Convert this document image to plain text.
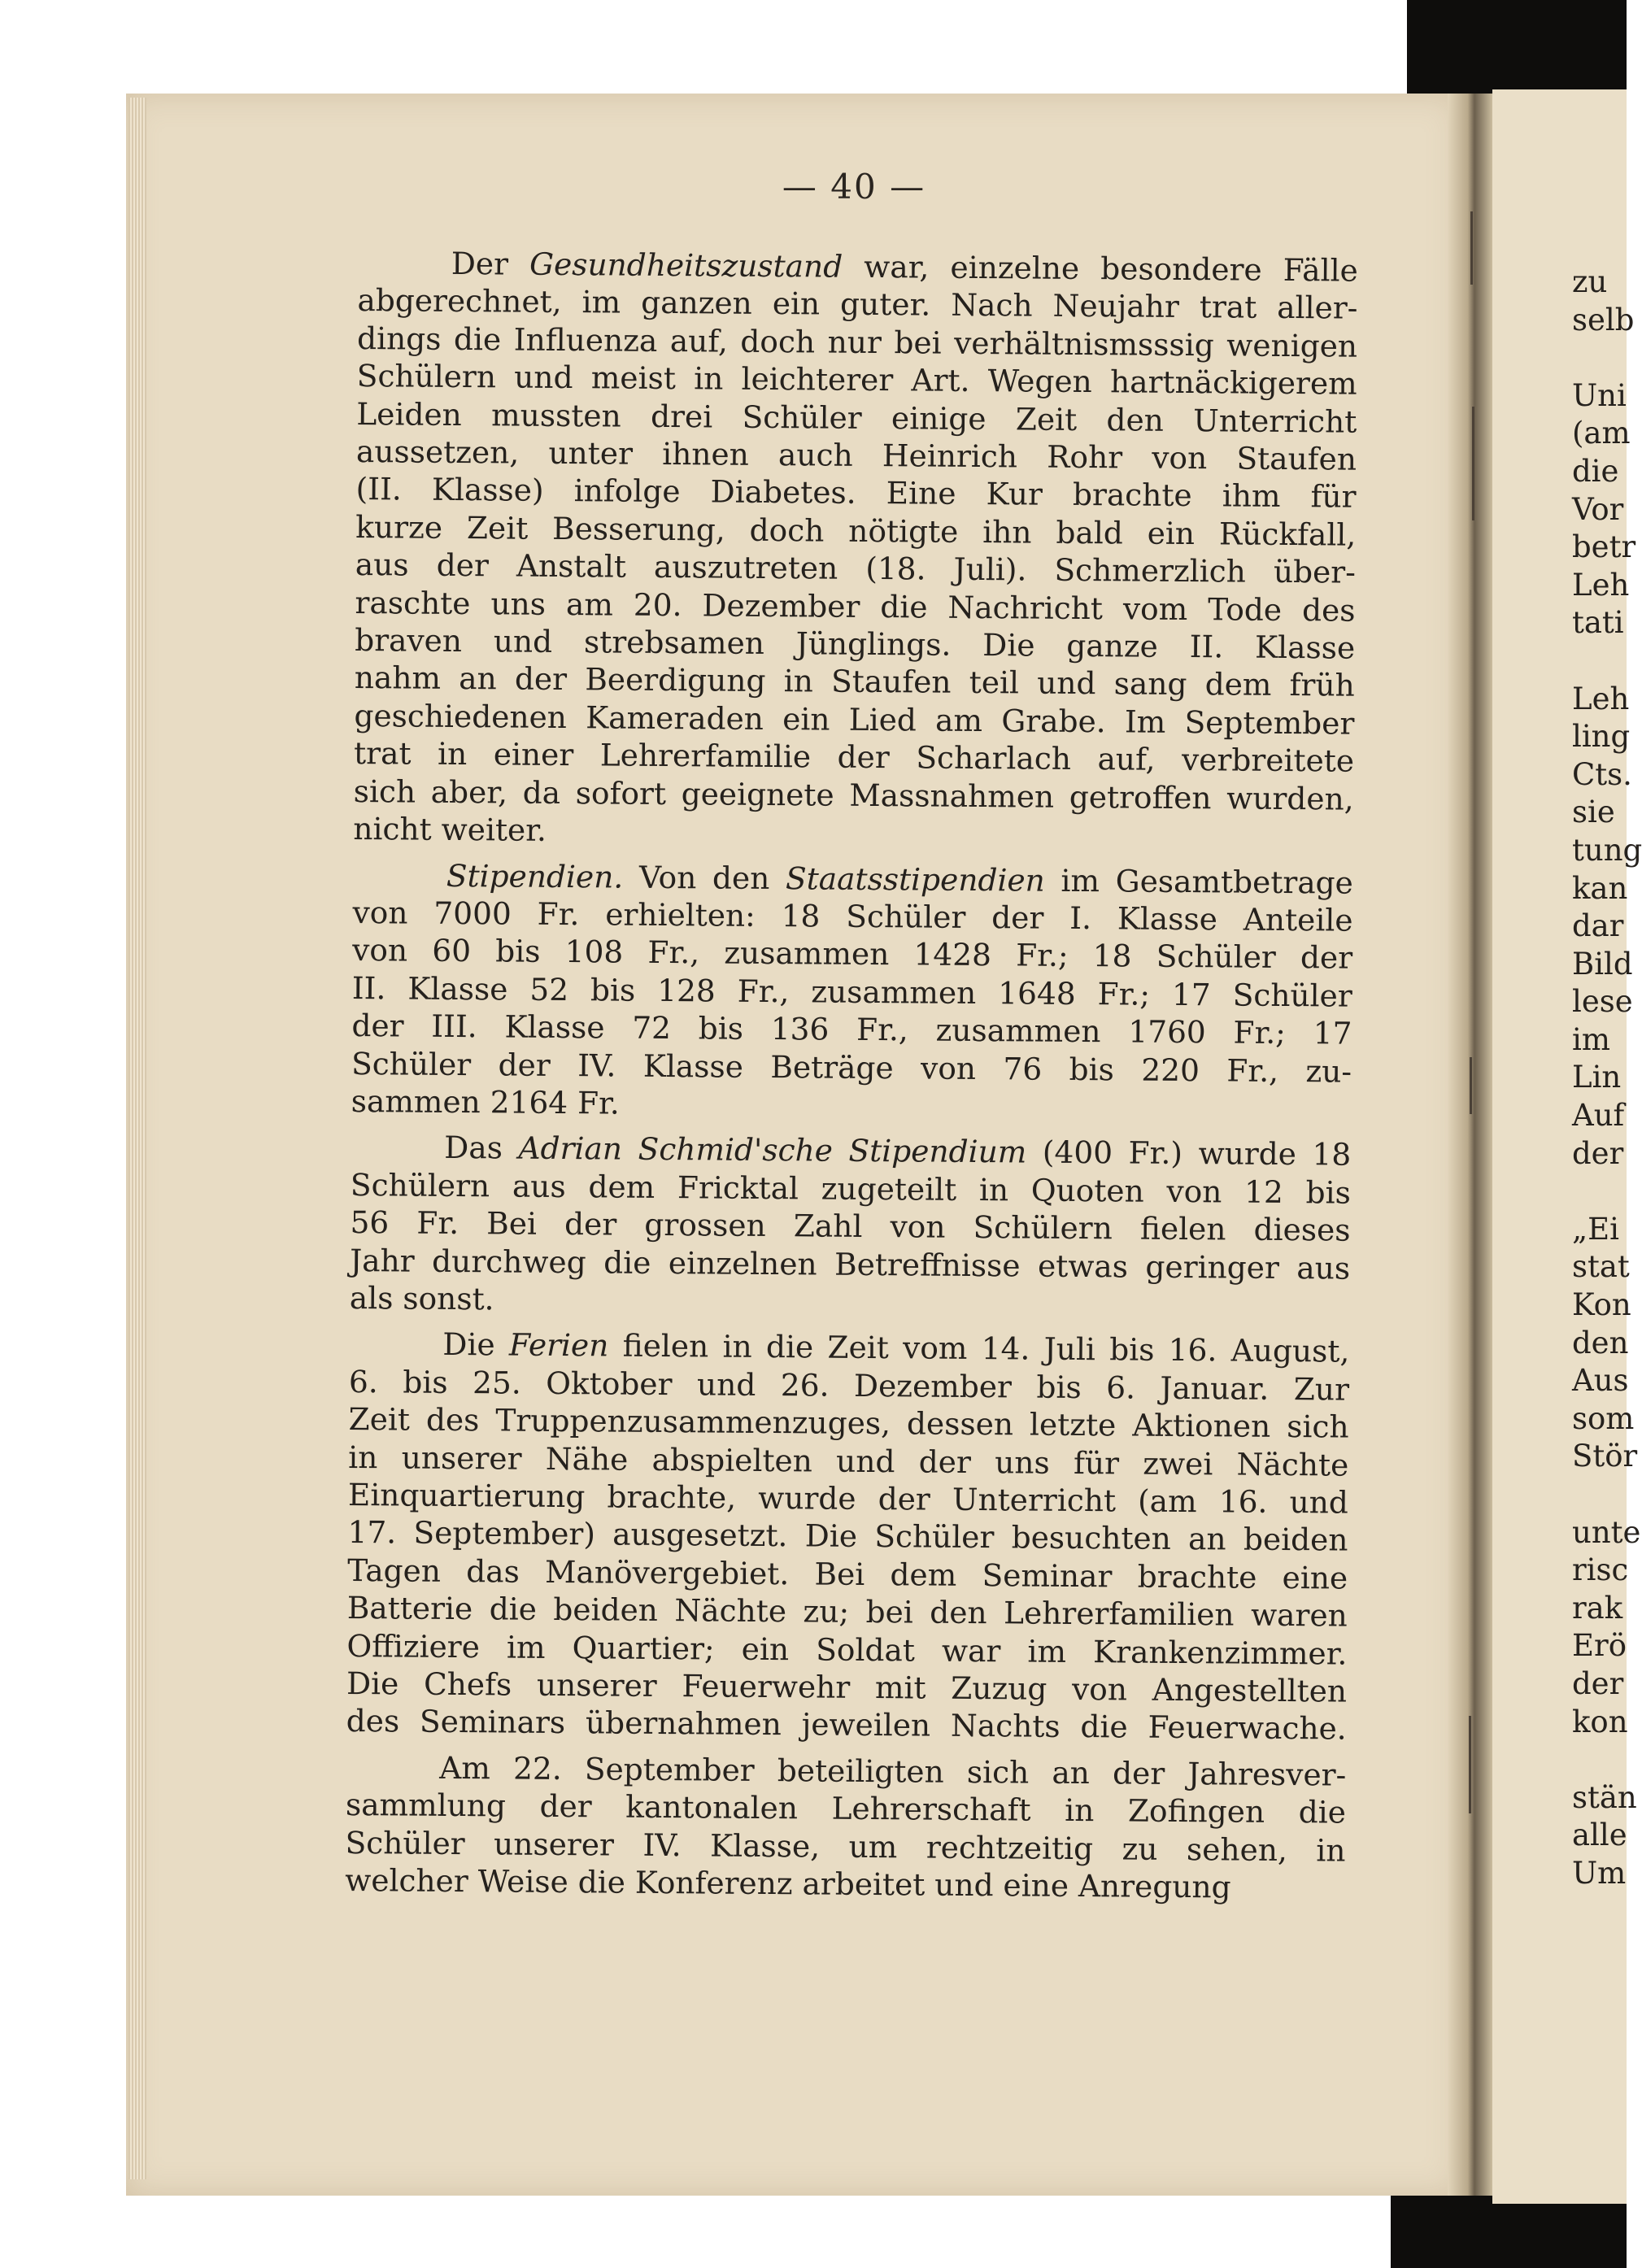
— 40 —
Der Gesundheitszustand war, einzelne besondere Fälle
abgerechnet, im ganzen ein guter. Nach Neujahr trat aller-
dings die Influenza auf, doch nur bei verhältnismsssig wenigen
Schülern und meist in leichterer Art. Wegen hartnäckigerem
Leiden mussten drei Schüler einige Zeit den Unterricht
aussetzen, unter ihnen auch Heinrich Rohr von Staufen
(II. Klasse) infolge Diabetes. Eine Kur brachte ihm für
kurze Zeit Besserung, doch nötigte ihn bald ein Rückfall,
aus der Anstalt auszutreten (18. Juli). Schmerzlich über-
raschte uns am 20. Dezember die Nachricht vom Tode des
braven und strebsamen Jünglings. Die ganze II. Klasse
nahm an der Beerdigung in Staufen teil und sang dem früh
geschiedenen Kameraden ein Lied am Grabe. Im September
trat in einer Lehrerfamilie der Scharlach auf, verbreitete
sich aber, da sofort geeignete Massnahmen getroffen wurden,
nicht weiter.
Stipendien. Von den Staatsstipendien im Gesamtbetrage
von 7000 Fr. erhielten: 18 Schüler der I. Klasse Anteile
von 60 bis 108 Fr., zusammen 1428 Fr.; 18 Schüler der
II. Klasse 52 bis 128 Fr., zusammen 1648 Fr.; 17 Schüler
der III. Klasse 72 bis 136 Fr., zusammen 1760 Fr.; 17
Schüler der IV. Klasse Beträge von 76 bis 220 Fr., zu-
sammen 2164 Fr.
Das Adrian Schmid'sche Stipendium (400 Fr.) wurde 18
Schülern aus dem Fricktal zugeteilt in Quoten von 12 bis
56 Fr. Bei der grossen Zahl von Schülern fielen dieses
Jahr durchweg die einzelnen Betreffnisse etwas geringer aus
als sonst.
Die Ferien fielen in die Zeit vom 14. Juli bis 16. August,
6. bis 25. Oktober und 26. Dezember bis 6. Januar. Zur
Zeit des Truppenzusammenzuges, dessen letzte Aktionen sich
in unserer Nähe abspielten und der uns für zwei Nächte
Einquartierung brachte, wurde der Unterricht (am 16. und
17. September) ausgesetzt. Die Schüler besuchten an beiden
Tagen das Manövergebiet. Bei dem Seminar brachte eine
Batterie die beiden Nächte zu; bei den Lehrerfamilien waren
Offiziere im Quartier; ein Soldat war im Krankenzimmer.
Die Chefs unserer Feuerwehr mit Zuzug von Angestellten
des Seminars übernahmen jeweilen Nachts die Feuerwache.
Am 22. September beteiligten sich an der Jahresver-
sammlung der kantonalen Lehrerschaft in Zofingen die
Schüler unserer IV. Klasse, um rechtzeitig zu sehen, in
welcher Weise die Konferenz arbeitet und eine Anregung
zu
selb
Uni
(am
die
Vor
betr
Leh
tati
Leh
ling
Cts.
sie
tung
kan
dar
Bild
lese
im
Lin
Auf
der
„Ei
stat
Kon
den
Aus
som
Stör
unte
risc
rak
Erö
der
kon
stän
alle
Um
